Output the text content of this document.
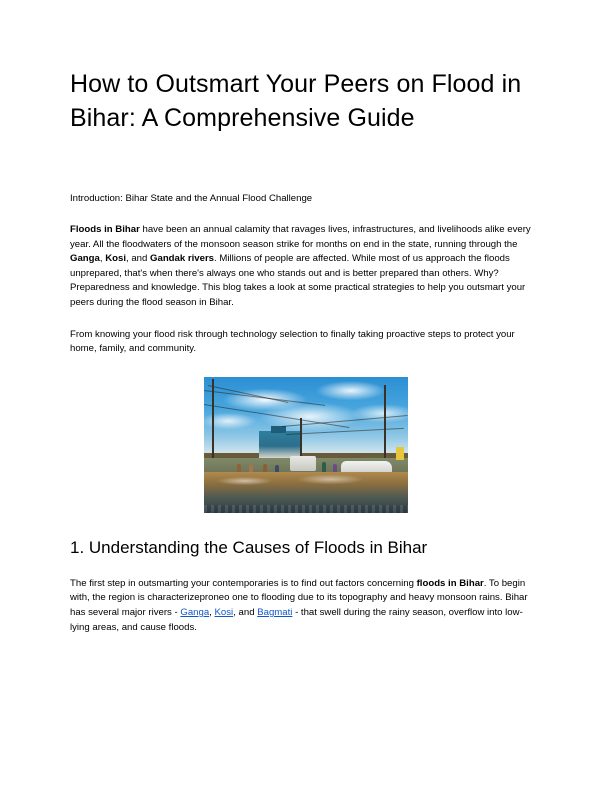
How to Outsmart Your Peers on Flood in Bihar: A Comprehensive Guide

Introduction: Bihar State and the Annual Flood Challenge

Floods in Bihar have been an annual calamity that ravages lives, infrastructures, and livelihoods alike every year. All the floodwaters of the monsoon season strike for months on end in the state, running through the Ganga, Kosi, and Gandak rivers. Millions of people are affected. While most of us approach the floods unprepared, that's when there's always one who stands out and is better prepared than others. Why? Preparedness and knowledge. This blog takes a look at some practical strategies to help you outsmart your peers during the flood season in Bihar.

From knowing your flood risk through technology selection to finally taking proactive steps to protect your home, family, and community.

1. Understanding the Causes of Floods in Bihar

The first step in outsmarting your contemporaries is to find out factors concerning floods in Bihar. To begin with, the region is characterizeproneo one to flooding due to its topography and heavy monsoon rains. Bihar has several major rivers - Ganga, Kosi, and Bagmati - that swell during the rainy season, overflow into low-lying areas, and cause floods.
